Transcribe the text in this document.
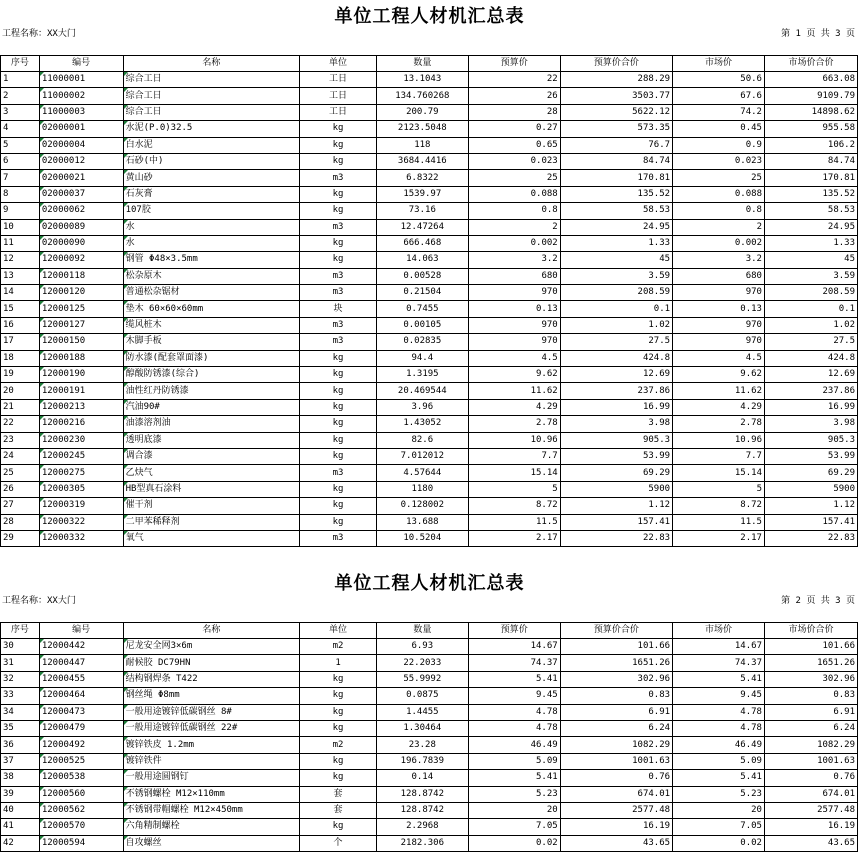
单位工程人材机汇总表
工程名称：XX大门	第 1 页 共 3 页
序号	编号	名称	单位	数量	预算价	预算价合价	市场价	市场价合价
1	11000001	综合工日	工日	13.1043	22	288.29	50.6	663.08
2	11000002	综合工日	工日	134.760268	26	3503.77	67.6	9109.79
3	11000003	综合工日	工日	200.79	28	5622.12	74.2	14898.62
4	02000001	水泥(P.0)32.5	kg	2123.5048	0.27	573.35	0.45	955.58
5	02000004	白水泥	kg	118	0.65	76.7	0.9	106.2
6	02000012	石砂(中)	kg	3684.4416	0.023	84.74	0.023	84.74
7	02000021	黄山砂	m3	6.8322	25	170.81	25	170.81
8	02000037	石灰膏	kg	1539.97	0.088	135.52	0.088	135.52
9	02000062	107胶	kg	73.16	0.8	58.53	0.8	58.53
10	02000089	水	m3	12.47264	2	24.95	2	24.95
11	02000090	水	kg	666.468	0.002	1.33	0.002	1.33
12	12000092	钢管 Φ48×3.5mm	kg	14.063	3.2	45	3.2	45
13	12000118	松杂原木	m3	0.00528	680	3.59	680	3.59
14	12000120	普通松杂锯材	m3	0.21504	970	208.59	970	208.59
15	12000125	垫木 60×60×60mm	块	0.7455	0.13	0.1	0.13	0.1
16	12000127	缆风桩木	m3	0.00105	970	1.02	970	1.02
17	12000150	木脚手板	m3	0.02835	970	27.5	970	27.5
18	12000188	防水漆(配套罩面漆)	kg	94.4	4.5	424.8	4.5	424.8
19	12000190	醇酸防锈漆(综合)	kg	1.3195	9.62	12.69	9.62	12.69
20	12000191	油性红丹防锈漆	kg	20.469544	11.62	237.86	11.62	237.86
21	12000213	汽油90#	kg	3.96	4.29	16.99	4.29	16.99
22	12000216	油漆溶剂油	kg	1.43052	2.78	3.98	2.78	3.98
23	12000230	透明底漆	kg	82.6	10.96	905.3	10.96	905.3
24	12000245	调合漆	kg	7.012012	7.7	53.99	7.7	53.99
25	12000275	乙炔气	m3	4.57644	15.14	69.29	15.14	69.29
26	12000305	HB型真石涂料	kg	1180	5	5900	5	5900
27	12000319	催干剂	kg	0.128002	8.72	1.12	8.72	1.12
28	12000322	二甲苯稀释剂	kg	13.688	11.5	157.41	11.5	157.41
29	12000332	氧气	m3	10.5204	2.17	22.83	2.17	22.83
单位工程人材机汇总表
工程名称：XX大门	第 2 页 共 3 页
序号	编号	名称	单位	数量	预算价	预算价合价	市场价	市场价合价
30	12000442	尼龙安全网3×6m	m2	6.93	14.67	101.66	14.67	101.66
31	12000447	耐候胶 DC79HN	1	22.2033	74.37	1651.26	74.37	1651.26
32	12000455	结构钢焊条 T422	kg	55.9992	5.41	302.96	5.41	302.96
33	12000464	钢丝绳 Φ8mm	kg	0.0875	9.45	0.83	9.45	0.83
34	12000473	一般用途镀锌低碳钢丝 8#	kg	1.4455	4.78	6.91	4.78	6.91
35	12000479	一般用途镀锌低碳钢丝 22#	kg	1.30464	4.78	6.24	4.78	6.24
36	12000492	镀锌铁皮 1.2mm	m2	23.28	46.49	1082.29	46.49	1082.29
37	12000525	镀锌铁件	kg	196.7839	5.09	1001.63	5.09	1001.63
38	12000538	一般用途圆钢钉	kg	0.14	5.41	0.76	5.41	0.76
39	12000560	不锈钢螺栓 M12×110mm	套	128.8742	5.23	674.01	5.23	674.01
40	12000562	不锈钢带帽螺栓 M12×450mm	套	128.8742	20	2577.48	20	2577.48
41	12000570	六角精制螺栓	kg	2.2968	7.05	16.19	7.05	16.19
42	12000594	自攻螺丝	个	2182.306	0.02	43.65	0.02	43.65
